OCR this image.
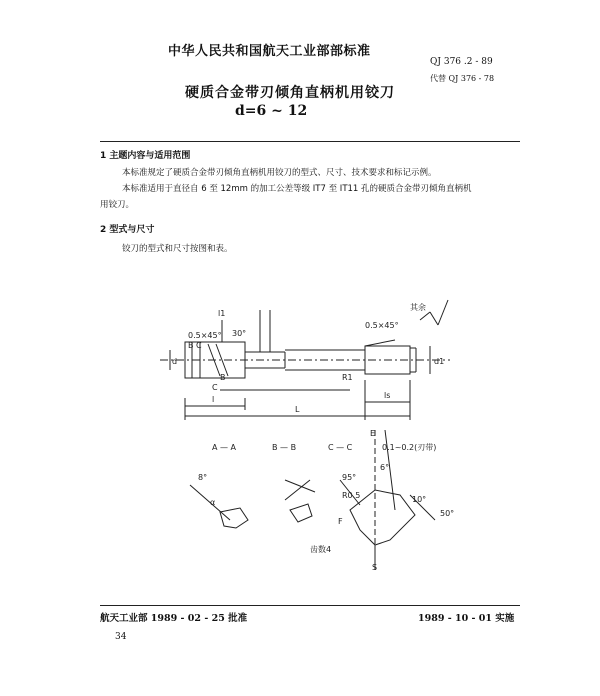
中华人民共和国航天工业部部标准
QJ 376 .2 - 89
代替 QJ 376 - 78
硬质合金带刃倾角直柄机用铰刀
d=6 ~ 12
1 主题内容与适用范围
本标准规定了硬质合金带刃倾角直柄机用铰刀的型式、尺寸、技术要求和标记示例。
本标准适用于直径自 6 至 12mm 的加工公差等级 IT7 至 IT11 孔的硬质合金带刃倾角直柄机
用铰刀。
2 型式与尺寸
铰刀的型式和尺寸按图和表。
其余
l1
0.5×45°
0.5×45°
30°
B C
C
B
d	d1
R1
l	ls
L
A — A	B — B	C — C
E
0.1~0.2(刃带)
95°
6°
10°
50°
R0.5
齿数4
F
S
8°
α
航天工业部 1989 - 02 - 25 批准	1989 - 10 - 01 实施
34
